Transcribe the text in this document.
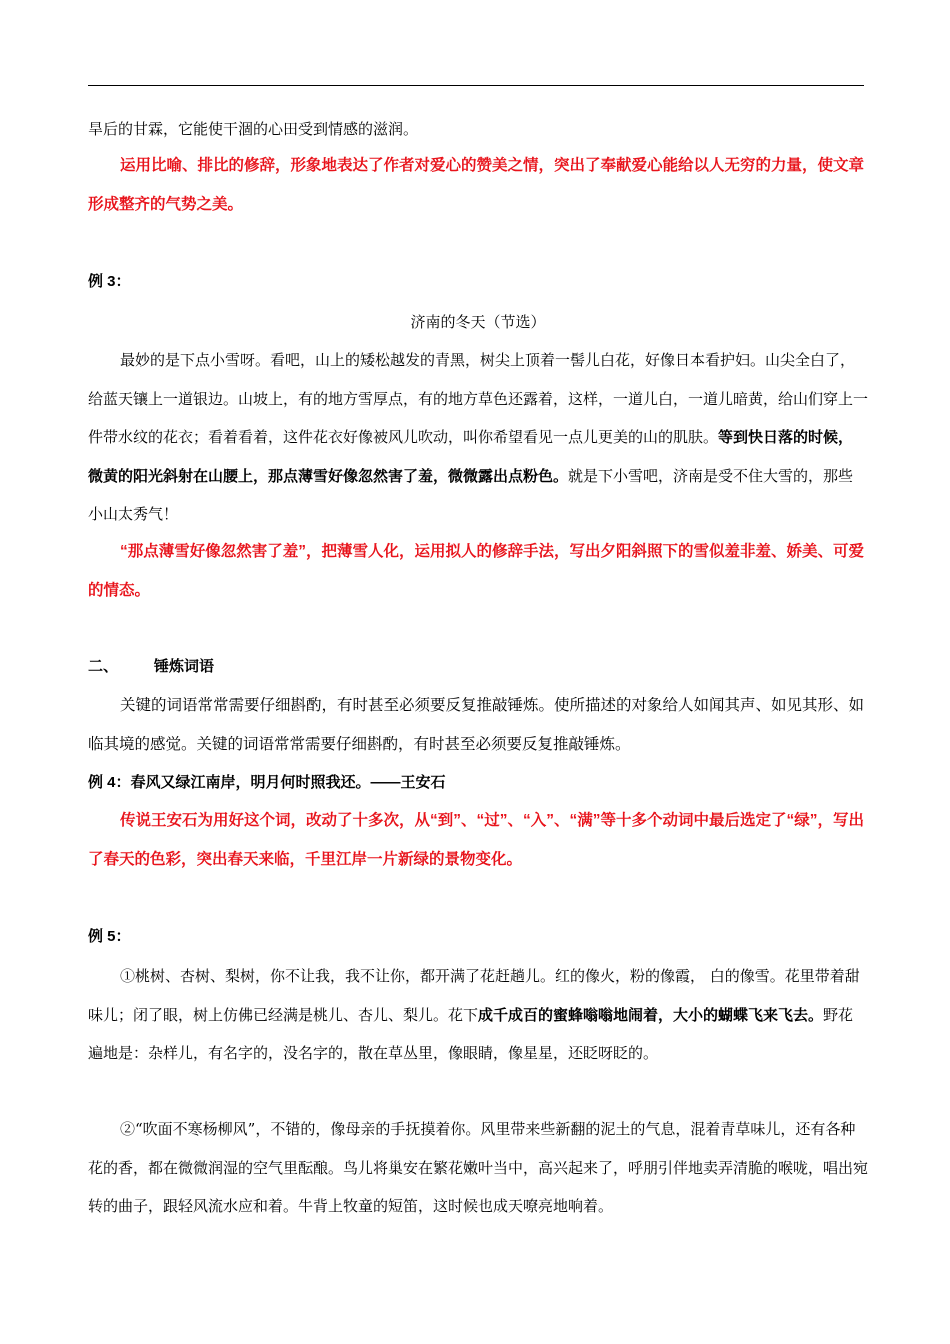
旱后的甘霖，它能使干涸的心田受到情感的滋润。

运用比喻、排比的修辞，形象地表达了作者对爱心的赞美之情，突出了奉献爱心能给以人无穷的力量，使文章形成整齐的气势之美。

例 3：

济南的冬天（节选）

最妙的是下点小雪呀。看吧，山上的矮松越发的青黑，树尖上顶着一髻儿白花，好像日本看护妇。山尖全白了，给蓝天镶上一道银边。山坡上，有的地方雪厚点，有的地方草色还露着，这样，一道儿白，一道儿暗黄，给山们穿上一件带水纹的花衣；看着看着，这件花衣好像被风儿吹动，叫你希望看见一点儿更美的山的肌肤。等到快日落的时候，微黄的阳光斜射在山腰上，那点薄雪好像忽然害了羞，微微露出点粉色。就是下小雪吧，济南是受不住大雪的，那些小山太秀气！

“那点薄雪好像忽然害了羞”，把薄雪人化，运用拟人的修辞手法，写出夕阳斜照下的雪似羞非羞、娇美、可爱的情态。

二、 锤炼词语

关键的词语常常需要仔细斟酌，有时甚至必须要反复推敲锤炼。使所描述的对象给人如闻其声、如见其形、如临其境的感觉。关键的词语常常需要仔细斟酌，有时甚至必须要反复推敲锤炼。

例 4：春风又绿江南岸，明月何时照我还。——王安石

传说王安石为用好这个词，改动了十多次，从“到”、“过”、“入”、“满”等十多个动词中最后选定了“绿”，写出了春天的色彩，突出春天来临，千里江岸一片新绿的景物变化。

例 5：

①桃树、杏树、梨树，你不让我，我不让你，都开满了花赶趟儿。红的像火，粉的像霞， 白的像雪。花里带着甜味儿；闭了眼，树上仿佛已经满是桃儿、杏儿、梨儿。花下成千成百的蜜蜂嗡嗡地闹着，大小的蝴蝶飞来飞去。野花遍地是：杂样儿，有名字的，没名字的，散在草丛里，像眼睛，像星星，还眨呀眨的。

②“吹面不寒杨柳风”，不错的，像母亲的手抚摸着你。风里带来些新翻的泥土的气息，混着青草味儿，还有各种花的香，都在微微润湿的空气里酝酿。鸟儿将巢安在繁花嫩叶当中，高兴起来了，呼朋引伴地卖弄清脆的喉咙，唱出宛转的曲子，跟轻风流水应和着。牛背上牧童的短笛，这时候也成天嘹亮地响着。
